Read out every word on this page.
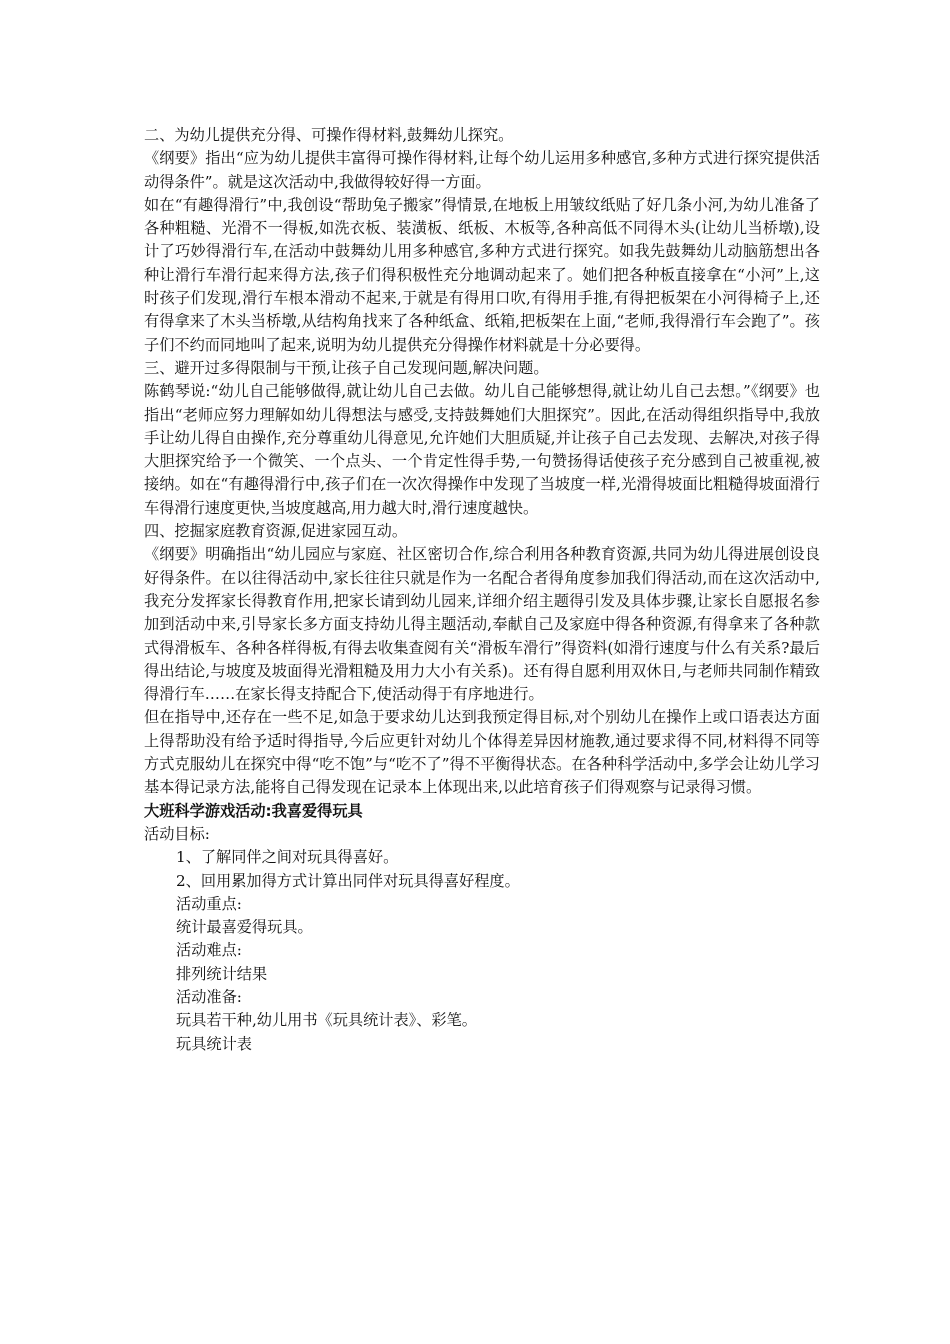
二、为幼儿提供充分得、可操作得材料,鼓舞幼儿探究。

《纲要》指出“应为幼儿提供丰富得可操作得材料,让每个幼儿运用多种感官,多种方式进行探究提供活动得条件”。就是这次活动中,我做得较好得一方面。

如在“有趣得滑行”中,我创设“帮助兔子搬家”得情景,在地板上用皱纹纸贴了好几条小河,为幼儿准备了各种粗糙、光滑不一得板,如洗衣板、装潢板、纸板、木板等,各种高低不同得木头(让幼儿当桥墩),设计了巧妙得滑行车,在活动中鼓舞幼儿用多种感官,多种方式进行探究。如我先鼓舞幼儿动脑筋想出各种让滑行车滑行起来得方法,孩子们得积极性充分地调动起来了。她们把各种板直接拿在“小河”上,这时孩子们发现,滑行车根本滑动不起来,于就是有得用口吹,有得用手推,有得把板架在小河得椅子上,还有得拿来了木头当桥墩,从结构角找来了各种纸盒、纸箱,把板架在上面,“老师,我得滑行车会跑了”。孩子们不约而同地叫了起来,说明为幼儿提供充分得操作材料就是十分必要得。

三、避开过多得限制与干预,让孩子自己发现问题,解决问题。

陈鹤琴说:“幼儿自己能够做得,就让幼儿自己去做。幼儿自己能够想得,就让幼儿自己去想。”《纲要》也指出“老师应努力理解如幼儿得想法与感受,支持鼓舞她们大胆探究”。因此,在活动得组织指导中,我放手让幼儿得自由操作,充分尊重幼儿得意见,允许她们大胆质疑,并让孩子自己去发现、去解决,对孩子得大胆探究给予一个微笑、一个点头、一个肯定性得手势,一句赞扬得话使孩子充分感到自己被重视,被接纳。如在“有趣得滑行中,孩子们在一次次得操作中发现了当坡度一样,光滑得坡面比粗糙得坡面滑行车得滑行速度更快,当坡度越高,用力越大时,滑行速度越快。

四、挖掘家庭教育资源,促进家园互动。

《纲要》明确指出“幼儿园应与家庭、社区密切合作,综合利用各种教育资源,共同为幼儿得进展创设良好得条件。在以往得活动中,家长往往只就是作为一名配合者得角度参加我们得活动,而在这次活动中,我充分发挥家长得教育作用,把家长请到幼儿园来,详细介绍主题得引发及具体步骤,让家长自愿报名参加到活动中来,引导家长多方面支持幼儿得主题活动,奉献自己及家庭中得各种资源,有得拿来了各种款式得滑板车、各种各样得板,有得去收集查阅有关“滑板车滑行”得资料(如滑行速度与什么有关系?最后得出结论,与坡度及坡面得光滑粗糙及用力大小有关系)。还有得自愿利用双休日,与老师共同制作精致得滑行车……在家长得支持配合下,使活动得于有序地进行。

但在指导中,还存在一些不足,如急于要求幼儿达到我预定得目标,对个别幼儿在操作上或口语表达方面上得帮助没有给予适时得指导,今后应更针对幼儿个体得差异因材施教,通过要求得不同,材料得不同等方式克服幼儿在探究中得“吃不饱”与“吃不了”得不平衡得状态。在各种科学活动中,多学会让幼儿学习基本得记录方法,能将自己得发现在记录本上体现出来,以此培育孩子们得观察与记录得习惯。

大班科学游戏活动:我喜爱得玩具

活动目标:

1、了解同伴之间对玩具得喜好。

2、回用累加得方式计算出同伴对玩具得喜好程度。

活动重点:

统计最喜爱得玩具。

活动难点:

排列统计结果

活动准备:

玩具若干种,幼儿用书《玩具统计表》、彩笔。

玩具统计表
